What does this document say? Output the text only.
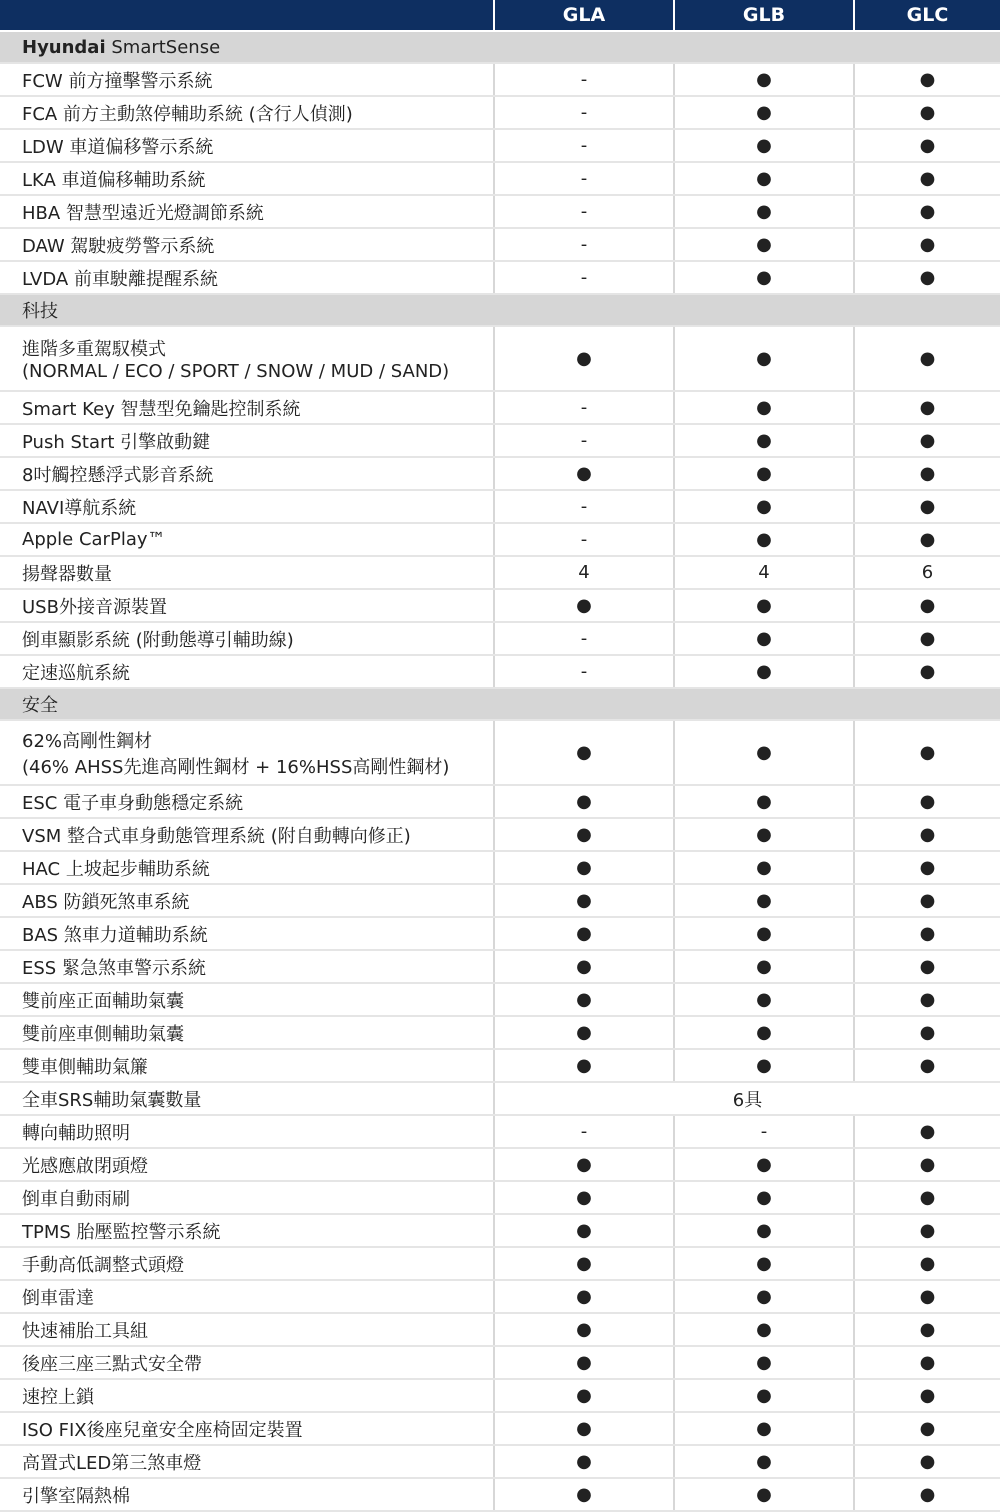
	GLA	GLB	GLC
Hyundai SmartSense			

FCW 前方撞擊警示系統	-	●	●

FCA 前方主動煞停輔助系統 (含行人偵測)	-	●	●

LDW 車道偏移警示系統	-	●	●

LKA 車道偏移輔助系統	-	●	●

HBA 智慧型遠近光燈調節系統	-	●	●

DAW 駕駛疲勞警示系統	-	●	●

LVDA 前車駛離提醒系統	-	●	●
科技			

進階多重駕馭模式
(NORMAL / ECO / SPORT / SNOW / MUD / SAND)	●	●	●

Smart Key 智慧型免鑰匙控制系統	-	●	●

Push Start 引擎啟動鍵	-	●	●

8吋觸控懸浮式影音系統	●	●	●

NAVI導航系統	-	●	●

Apple CarPlay™	-	●	●

揚聲器數量	4	4	6

USB外接音源裝置	●	●	●

倒車顯影系統 (附動態導引輔助線)	-	●	●

定速巡航系統	-	●	●
安全			

62%高剛性鋼材
(46% AHSS先進高剛性鋼材 + 16%HSS高剛性鋼材)	●	●	●

ESC 電子車身動態穩定系統	●	●	●

VSM 整合式車身動態管理系統 (附自動轉向修正)	●	●	●

HAC 上坡起步輔助系統	●	●	●

ABS 防鎖死煞車系統	●	●	●

BAS 煞車力道輔助系統	●	●	●

ESS 緊急煞車警示系統	●	●	●

雙前座正面輔助氣囊	●	●	●

雙前座車側輔助氣囊	●	●	●

雙車側輔助氣簾	●	●	●

全車SRS輔助氣囊數量	6具		

轉向輔助照明	-	-	●

光感應啟閉頭燈	●	●	●

倒車自動雨刷	●	●	●

TPMS 胎壓監控警示系統	●	●	●

手動高低調整式頭燈	●	●	●

倒車雷達	●	●	●

快速補胎工具組	●	●	●

後座三座三點式安全帶	●	●	●

速控上鎖	●	●	●

ISO FIX後座兒童安全座椅固定裝置	●	●	●

高置式LED第三煞車燈	●	●	●

引擎室隔熱棉	●	●	●
